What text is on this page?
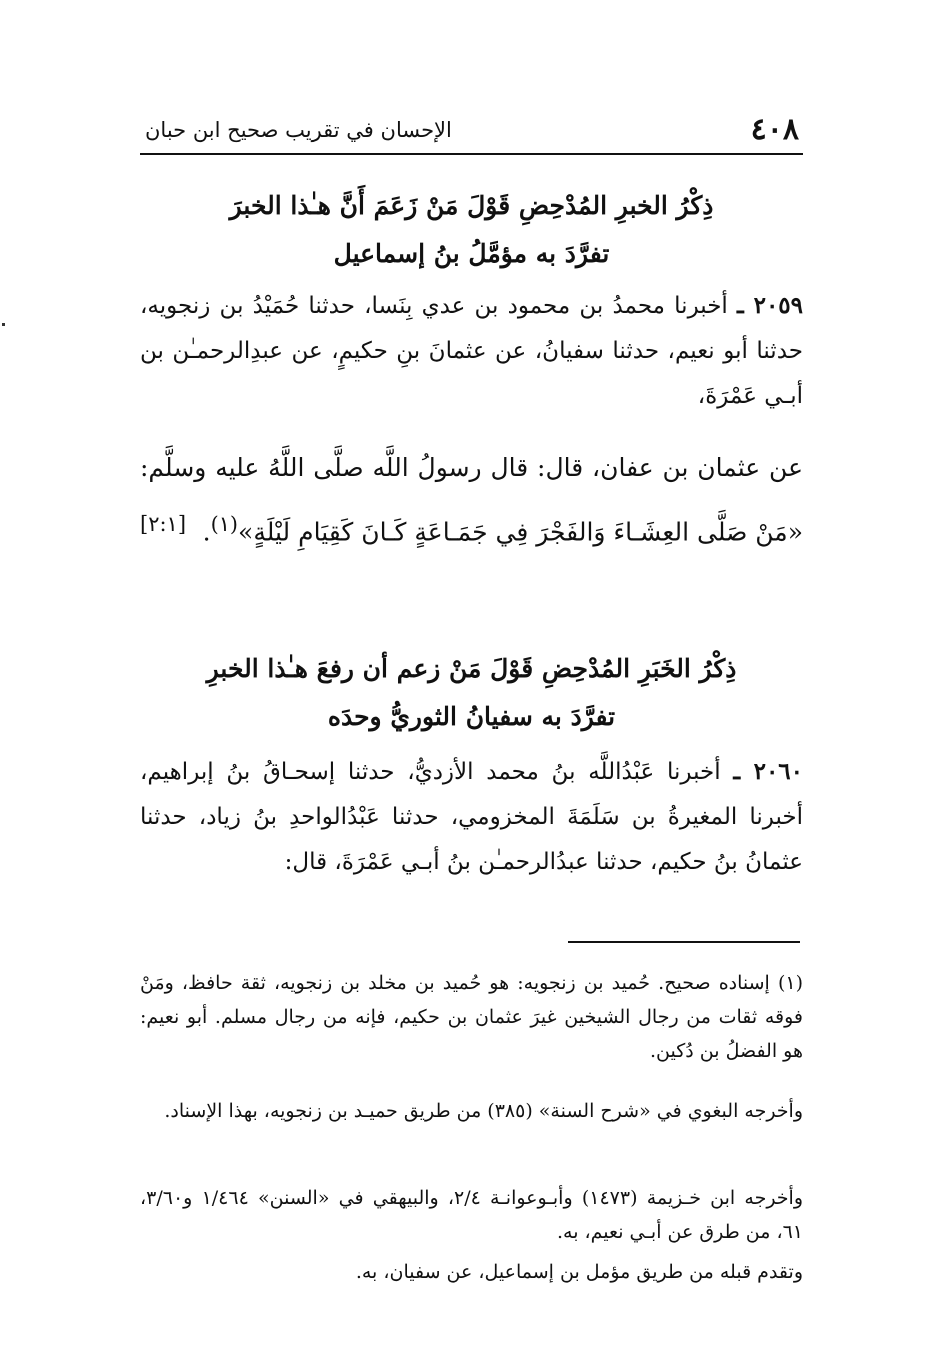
٤٠٨
الإحسان في تقريب صحيح ابن حبان
ذِكْرُ الخبرِ المُدْحِضِ قَوْلَ مَنْ زَعَمَ أَنَّ هـٰذا الخبرَ
تفرَّدَ به مؤمَّلُ بنُ إسماعيل
٢٠٥٩ ـ أخبرنا محمدُ بن محمود بن عدي بِنَسا، حدثنا حُمَيْدُ بن زنجويه، حدثنا أبو نعيم، حدثنا سفيانُ، عن عثمانَ بنِ حكيمٍ، عن عبدِالرحمـٰن بن أبـي عَمْرَةَ،
عن عثمان بن عفان، قال: قال رسولُ اللَّه صلَّى اللَّهُ عليه وسلَّم: «مَنْ صَلَّى العِشَـاءَ وَالفَجْرَ فِي جَمَـاعَةٍ كَـانَ كَقِيَامِ لَيْلَةٍ»$^{(١)}$.
[٢:١]
ذِكْرُ الخَبَرِ المُدْحِضِ قَوْلَ مَنْ زعم أن رفعَ هـٰذا الخبرِ
تفرَّدَ به سفيانُ الثوريُّ وحدَه
٢٠٦٠ ـ أخبرنا عَبْدُاللَّه بنُ محمد الأزديُّ، حدثنا إسحـاقُ بنُ إبراهيم، أخبرنا المغيرةُ بن سَلَمَةَ المخزومي، حدثنا عَبْدُالواحدِ بنُ زياد، حدثنا عثمانُ بنُ حكيم، حدثنا عبدُالرحمـٰن بنُ أبـي عَمْرَةَ، قال:
(١) إسناده صحيح. حُميد بن زنجويه: هو حُميد بن مخلد بن زنجويه، ثقة حافظ، ومَنْ فوقه ثقات من رجال الشيخين غيرَ عثمان بن حكيم، فإنه من رجال مسلم. أبو نعيم: هو الفضلُ بن دُكين.
وأخرجه البغوي في «شرح السنة» (٣٨٥) من طريق حميـد بن زنجويه، بهذا الإسناد.
وأخرجه ابن خـزيمة (١٤٧٣) وأبـوعوانـة ٢/٤، والبيهقي في «السنن» ١/٤٦٤ و٣/٦٠، ٦١، من طرق عن أبـي نعيم، به.
وتقدم قبله من طريق مؤمل بن إسماعيل، عن سفيان، به.
